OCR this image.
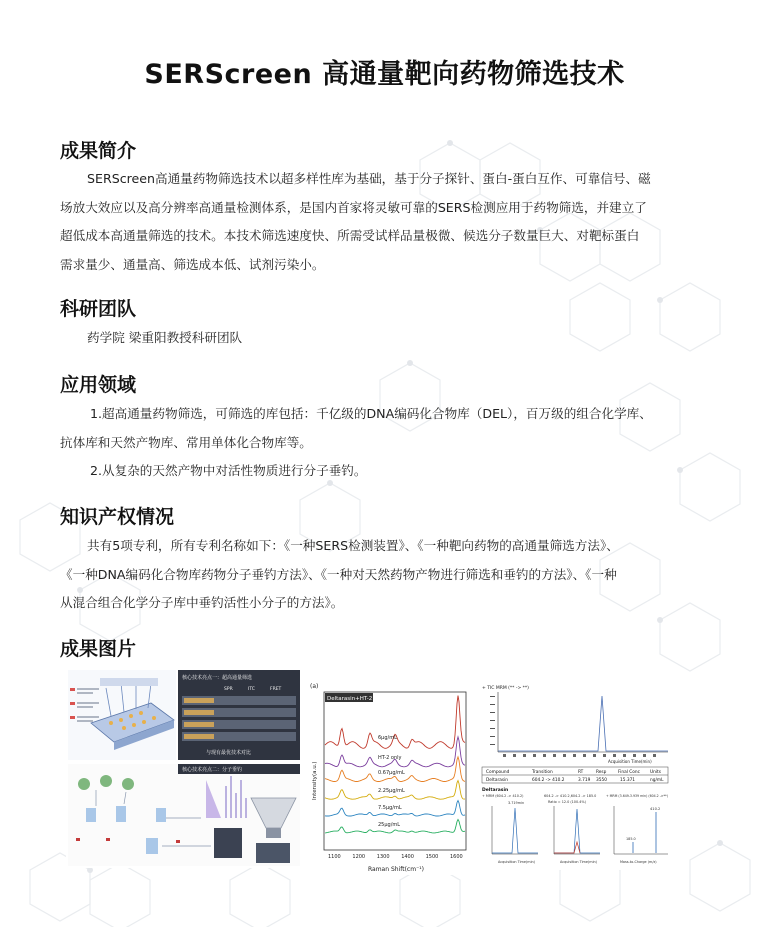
SERScreen 高通量靶向药物筛选技术
成果简介
SERScreen高通量药物筛选技术以超多样性库为基础，基于分子探针、蛋白-蛋白互作、可靠信号、磁
场放大效应以及高分辨率高通量检测体系，是国内首家将灵敏可靠的SERS检测应用于药物筛选，并建立了
超低成本高通量筛选的技术。本技术筛选速度快、所需受试样品量极微、候选分子数量巨大、对靶标蛋白
需求量少、通量高、筛选成本低、试剂污染小。
科研团队
药学院 梁重阳教授科研团队
应用领域
1.超高通量药物筛选，可筛选的库包括：千亿级的DNA编码化合物库（DEL），百万级的组合化学库、
抗体库和天然产物库、常用单体化合物库等。
2.从复杂的天然产物中对活性物质进行分子垂钓。
知识产权情况
共有5项专利，所有专利名称如下：《一种SERS检测装置》、《一种靶向药物的高通量筛选方法》、
《一种DNA编码化合物库药物分子垂钓方法》、《一种对天然药物产物进行筛选和垂钓的方法》、《一种
从混合组合化学分子库中垂钓活性小分子的方法》。
成果图片
核心技术亮点一：超高通量筛选
SPR	ITC	FRET
与现有最优技术对比
核心技术亮点二：分子垂钓
(a)
Deltarasin+HT-2
Intensity(a.u.)
Raman Shift(cm⁻¹)
1100 1200 1300 1400 1500 1600
6μg/mL
HT-2 only
0.67μg/mL
2.25μg/mL
7.5μg/mL
25μg/mL
+ TIC MRM (** -> **)
Acquisition Time(min)
Compound	Transition	RT	Resp	Final Conc Units
Deltarasin	604.2 -> 410.2	3.719 3550	15.371	ng/mL
Deltarasin
+ MRM (604.2 -> 410.2)	604.2 -> 410.2,604.2 -> 185.0	+ MRM (3.649-3.939 min) (604.2 ->**)
3.719min	Ratio = 12.0 (100.4%)
410.2
185.0
Acquisition Time(min)	Acquisition Time(min)	Mass-to-Charge (m/z)
